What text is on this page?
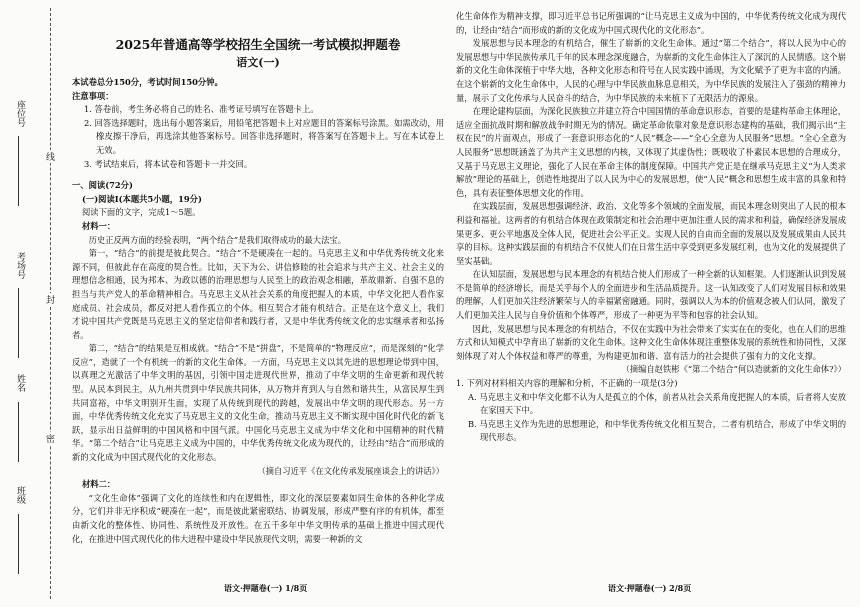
线
封
密
座位号
考场号
姓名
班级
2025年普通高等学校招生全国统一考试模拟押题卷
语文(一)

本试卷总分150分，考试时间150分钟。

注意事项：

1. 答卷前，考生务必将自己的姓名、准考证号填写在答题卡上。

2. 回答选择题时，选出每小题答案后，用铅笔把答题卡上对应题目的答案标号涂黑。如需改动，用橡皮擦干净后，再选涂其他答案标号。回答非选择题时，将答案写在答题卡上。写在本试卷上无效。

3. 考试结束后，将本试卷和答题卡一并交回。

一、阅读(72分)

(一)阅读Ⅰ(本题共5小题，19分)

阅读下面的文字，完成1～5题。

材料一：

历史正反两方面的经验表明，“两个结合”是我们取得成功的最大法宝。

第一，“结合”的前提是彼此契合。“结合”不是硬凑在一起的。马克思主义和中华优秀传统文化来源不同，但彼此存在高度的契合性。比如，天下为公、讲信修睦的社会追求与共产主义、社会主义的理想信念相通，民为邦本、为政以德的治理思想与人民至上的政治观念相融，革故鼎新、自强不息的担当与共产党人的革命精神相合。马克思主义从社会关系的角度把握人的本质，中华文化把人看作家庭成员、社会成员，都反对把人看作孤立的个体。相互契合才能有机结合。正是在这个意义上，我们才说中国共产党既是马克思主义的坚定信仰者和践行者，又是中华优秀传统文化的忠实继承者和弘扬者。

第二，“结合”的结果是互相成就。“结合”不是“拼盘”，不是简单的“物理反应”，而是深刻的“化学反应”，造就了一个有机统一的新的文化生命体。一方面，马克思主义以其先进的思想理论带到中国，以真理之光激活了中华文明的基因，引领中国走进现代世界，推动了中华文明的生命更新和现代转型。从民本到民主，从九州共贯到中华民族共同体，从万物并育到人与自然和谐共生，从富民厚生到共同富裕，中华文明别开生面，实现了从传统到现代的跨越，发展出中华文明的现代形态。另一方面，中华优秀传统文化充实了马克思主义的文化生命，推动马克思主义不断实现中国化时代化的新飞跃，显示出日益鲜明的中国风格和中国气派。中国化马克思主义成为中华文化和中国精神的时代精华。“第二个结合”让马克思主义成为中国的，中华优秀传统文化成为现代的，让经由“结合”而形成的新的文化成为中国式现代化的文化形态。

（摘自习近平《在文化传承发展座谈会上的讲话》）

材料二：

“文化生命体”强调了文化的连续性和内在逻辑性，即文化的深层要素如同生命体的各种化学成分，它们并非无序积成“硬凑在一起”，而是彼此紧密联结、协调发展，形成严整有序的有机体，都至由新文化的整体性、协同性、系统性及开放性。在五千多年中华文明传承的基础上推进中国式现代化，在推进中国式现代化的伟大进程中建设中华民族现代文明，需要一种新的文

语文·押题卷(一) 1/8页

化生命体作为精神支撑，即习近平总书记所强调的“让马克思主义成为中国的，中华优秀传统文化成为现代的，让经由“结合”而形成的新的文化成为中国式现代化的文化形态”。

发展思想与民本理念的有机结合，催生了崭新的文化生命体。通过“第二个结合”，将以人民为中心的发展思想与中华民族传承几千年的民本理念深度融合，为崭新的文化生命体注入了深沉的人民情感。这个崭新的文化生命体深植于中华大地，各种文化形态和符号在人民实践中涌现，为文化赋予了更为丰富的内涵。在这个崭新的文化生命体中，人民的心理与中华民族血脉息息相关，为中华民族的发展注入了强劲的精神力量，展示了文化传承与人民奋斗的结合，为中华民族的未来植下了无限活力的源泉。

在理论建构层面，为深化民族独立并建立符合中国国情的革命意识形态，首要的是建构革命主体理论，适应全面抗战时期和解放战争时期无为的情况。确定革命依靠对象是意识形态建构的基础，我们揭示出“主权在民”的片面观点，形成了一套意识形态化的“人民”概念——“全心全意为人民服务”思想。“全心全意为人民服务”思想既涵盖了为共产主义思想的内核，又体现了其虚伪性；既吸收了朴素民本思想的合理成分，又基于马克思主义理论，强化了人民在革命主体的制度保障。中国共产党正是在继承马克思主义“为人类求解放”理论的基础上，创造性地提出了以人民为中心的发展思想，使“人民”概念和思想生成丰富的具象和特色，具有表征整体思想文化的作用。

在实践层面，发展思想强调经济、政治、文化等多个领域的全面发展，而民本理念则突出了人民的根本利益和福祉。这两者的有机结合体现在政策制定和社会治理中更加注重人民的需求和利益，确保经济发展成果更多、更公平地惠及全体人民，促进社会公平正义。实现人民的自由而全面的发展以及发展成果由人民共享的目标。这种实践层面的有机结合不仅使人们在日常生活中享受到更多发展红利，也为文化的发展提供了坚实基础。

在认知层面，发展思想与民本理念的有机结合使人们形成了一种全新的认知框架。人们逐渐认识到发展不是简单的经济增长，而是关乎每个人的全面进步和生活品质提升。这一认知改变了人们对发展目标和效果的理解，人们更加关注经济繁荣与人的幸福紧密融通。同时，强调以人为本的价值观念被人们认同，激发了人们更加关注人民与自身价值和个体尊严，形成了一种更为平等和包容的社会认知。

因此，发展思想与民本理念的有机结合，不仅在实践中为社会带来了实实在在的变化，也在人们的思维方式和认知模式中孕育出了崭新的文化生命体。这种文化生命体体现注重整体发展的系统性和协同性，又深刻体现了对人个体权益和尊严的尊重，为构建更加和谐、富有活力的社会提供了强有力的文化支撑。

（摘编自赵铁彬《“第二个结合”何以造就新的文化生命体?》）

1. 下列对材料相关内容的理解和分析，不正确的一项是(3分)

A. 马克思主义和中华文化都不认为人是孤立的个体，前者从社会关系角度把握人的本质，后者将人安放在家国天下中。

B. 马克思主义作为先进的思想理论，和中华优秀传统文化相互契合，二者有机结合，形成了中华文明的现代形态。

语文·押题卷(一) 2/8页
